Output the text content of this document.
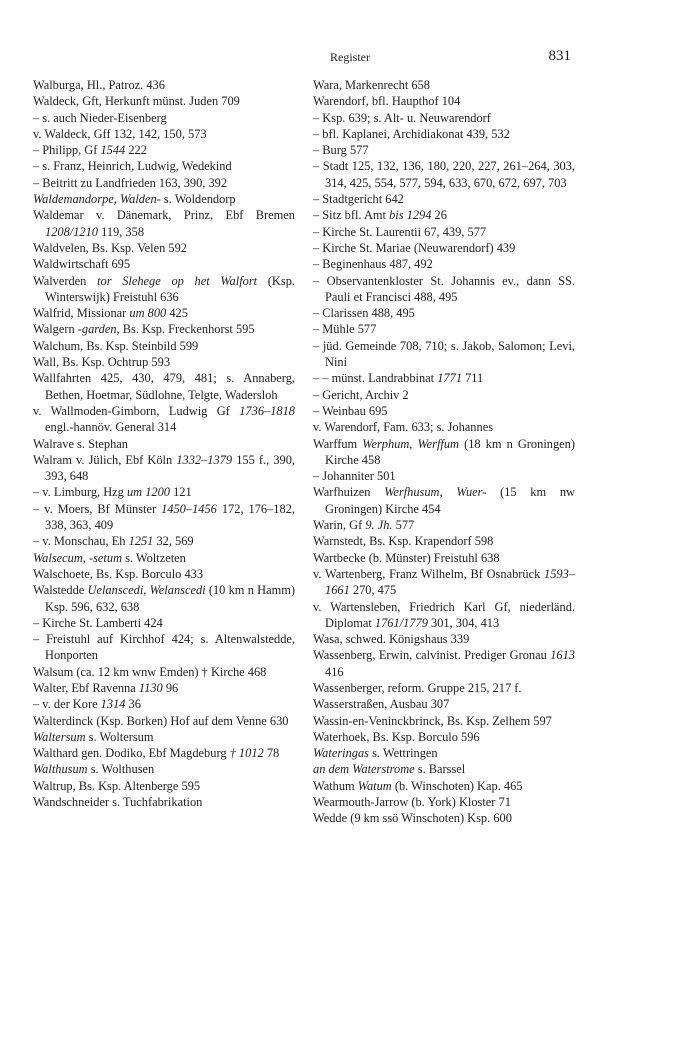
Register	831

Walburga, Hl., Patroz. 436

Waldeck, Gft, Herkunft münst. Juden 709

– s. auch Nieder-Eisenberg

v. Waldeck, Gff 132, 142, 150, 573

– Philipp, Gf 1544 222

– s. Franz, Heinrich, Ludwig, Wedekind

– Beitritt zu Landfrieden 163, 390, 392

Waldemandorpe, Walden- s. Woldendorp

Waldemar v. Dänemark, Prinz, Ebf Bremen 1208/1210 119, 358

Waldvelen, Bs. Ksp. Velen 592

Waldwirtschaft 695

Walverden tor Slehege op het Walfort (Ksp. Winterswijk) Freistuhl 636

Walfrid, Missionar um 800 425

Walgern -garden, Bs. Ksp. Freckenhorst 595

Walchum, Bs. Ksp. Steinbild 599

Wall, Bs. Ksp. Ochtrup 593

Wallfahrten 425, 430, 479, 481; s. Annaberg, Bethen, Hoetmar, Südlohne, Telgte, Wadersloh

v. Wallmoden-Gimborn, Ludwig Gf 1736–1818 engl.-hannöv. General 314

Walrave s. Stephan

Walram v. Jülich, Ebf Köln 1332–1379 155 f., 390, 393, 648

– v. Limburg, Hzg um 1200 121

– v. Moers, Bf Münster 1450–1456 172, 176–182, 338, 363, 409

– v. Monschau, Eh 1251 32, 569

Walsecum, -setum s. Woltzeten

Walschoete, Bs. Ksp. Borculo 433

Walstedde Uelanscedi, Welanscedi (10 km n Hamm) Ksp. 596, 632, 638

– Kirche St. Lamberti 424

– Freistuhl auf Kirchhof 424; s. Altenwalstedde, Honporten

Walsum (ca. 12 km wnw Emden) † Kirche 468

Walter, Ebf Ravenna 1130 96

– v. der Kore 1314 36

Walterdinck (Ksp. Borken) Hof auf dem Venne 630

Waltersum s. Woltersum

Walthard gen. Dodiko, Ebf Magdeburg † 1012 78

Walthusum s. Wolthusen

Waltrup, Bs. Ksp. Altenberge 595

Wandschneider s. Tuchfabrikation

Wara, Markenrecht 658

Warendorf, bfl. Haupthof 104

– Ksp. 639; s. Alt- u. Neuwarendorf

– bfl. Kaplanei, Archidiakonat 439, 532

– Burg 577

– Stadt 125, 132, 136, 180, 220, 227, 261–264, 303, 314, 425, 554, 577, 594, 633, 670, 672, 697, 703

– Stadtgericht 642

– Sitz bfl. Amt bis 1294 26

– Kirche St. Laurentii 67, 439, 577

– Kirche St. Mariae (Neuwarendorf) 439

– Beginenhaus 487, 492

– Observantenkloster St. Johannis ev., dann SS. Pauli et Francisci 488, 495

– Clarissen 488, 495

– Mühle 577

– jüd. Gemeinde 708, 710; s. Jakob, Salomon; Levi, Nini

– – münst. Landrabbinat 1771 711

– Gericht, Archiv 2

– Weinbau 695

v. Warendorf, Fam. 633; s. Johannes

Warffum Werphum, Werffum (18 km n Groningen) Kirche 458

– Johanniter 501

Warfhuizen Werfhusum, Wuer- (15 km nw Groningen) Kirche 454

Warin, Gf 9. Jh. 577

Warnstedt, Bs. Ksp. Krapendorf 598

Wartbecke (b. Münster) Freistuhl 638

v. Wartenberg, Franz Wilhelm, Bf Osnabrück 1593–1661 270, 475

v. Wartensleben, Friedrich Karl Gf, niederländ. Diplomat 1761/1779 301, 304, 413

Wasa, schwed. Königshaus 339

Wassenberg, Erwin, calvinist. Prediger Gronau 1613 416

Wassenberger, reform. Gruppe 215, 217 f.

Wasserstraßen, Ausbau 307

Wassin-en-Veninckbrinck, Bs. Ksp. Zelhem 597

Waterhoek, Bs. Ksp. Borculo 596

Wateringas s. Wettringen

an dem Waterstrome s. Barssel

Wathum Watum (b. Winschoten) Kap. 465

Wearmouth-Jarrow (b. York) Kloster 71

Wedde (9 km ssö Winschoten) Ksp. 600
